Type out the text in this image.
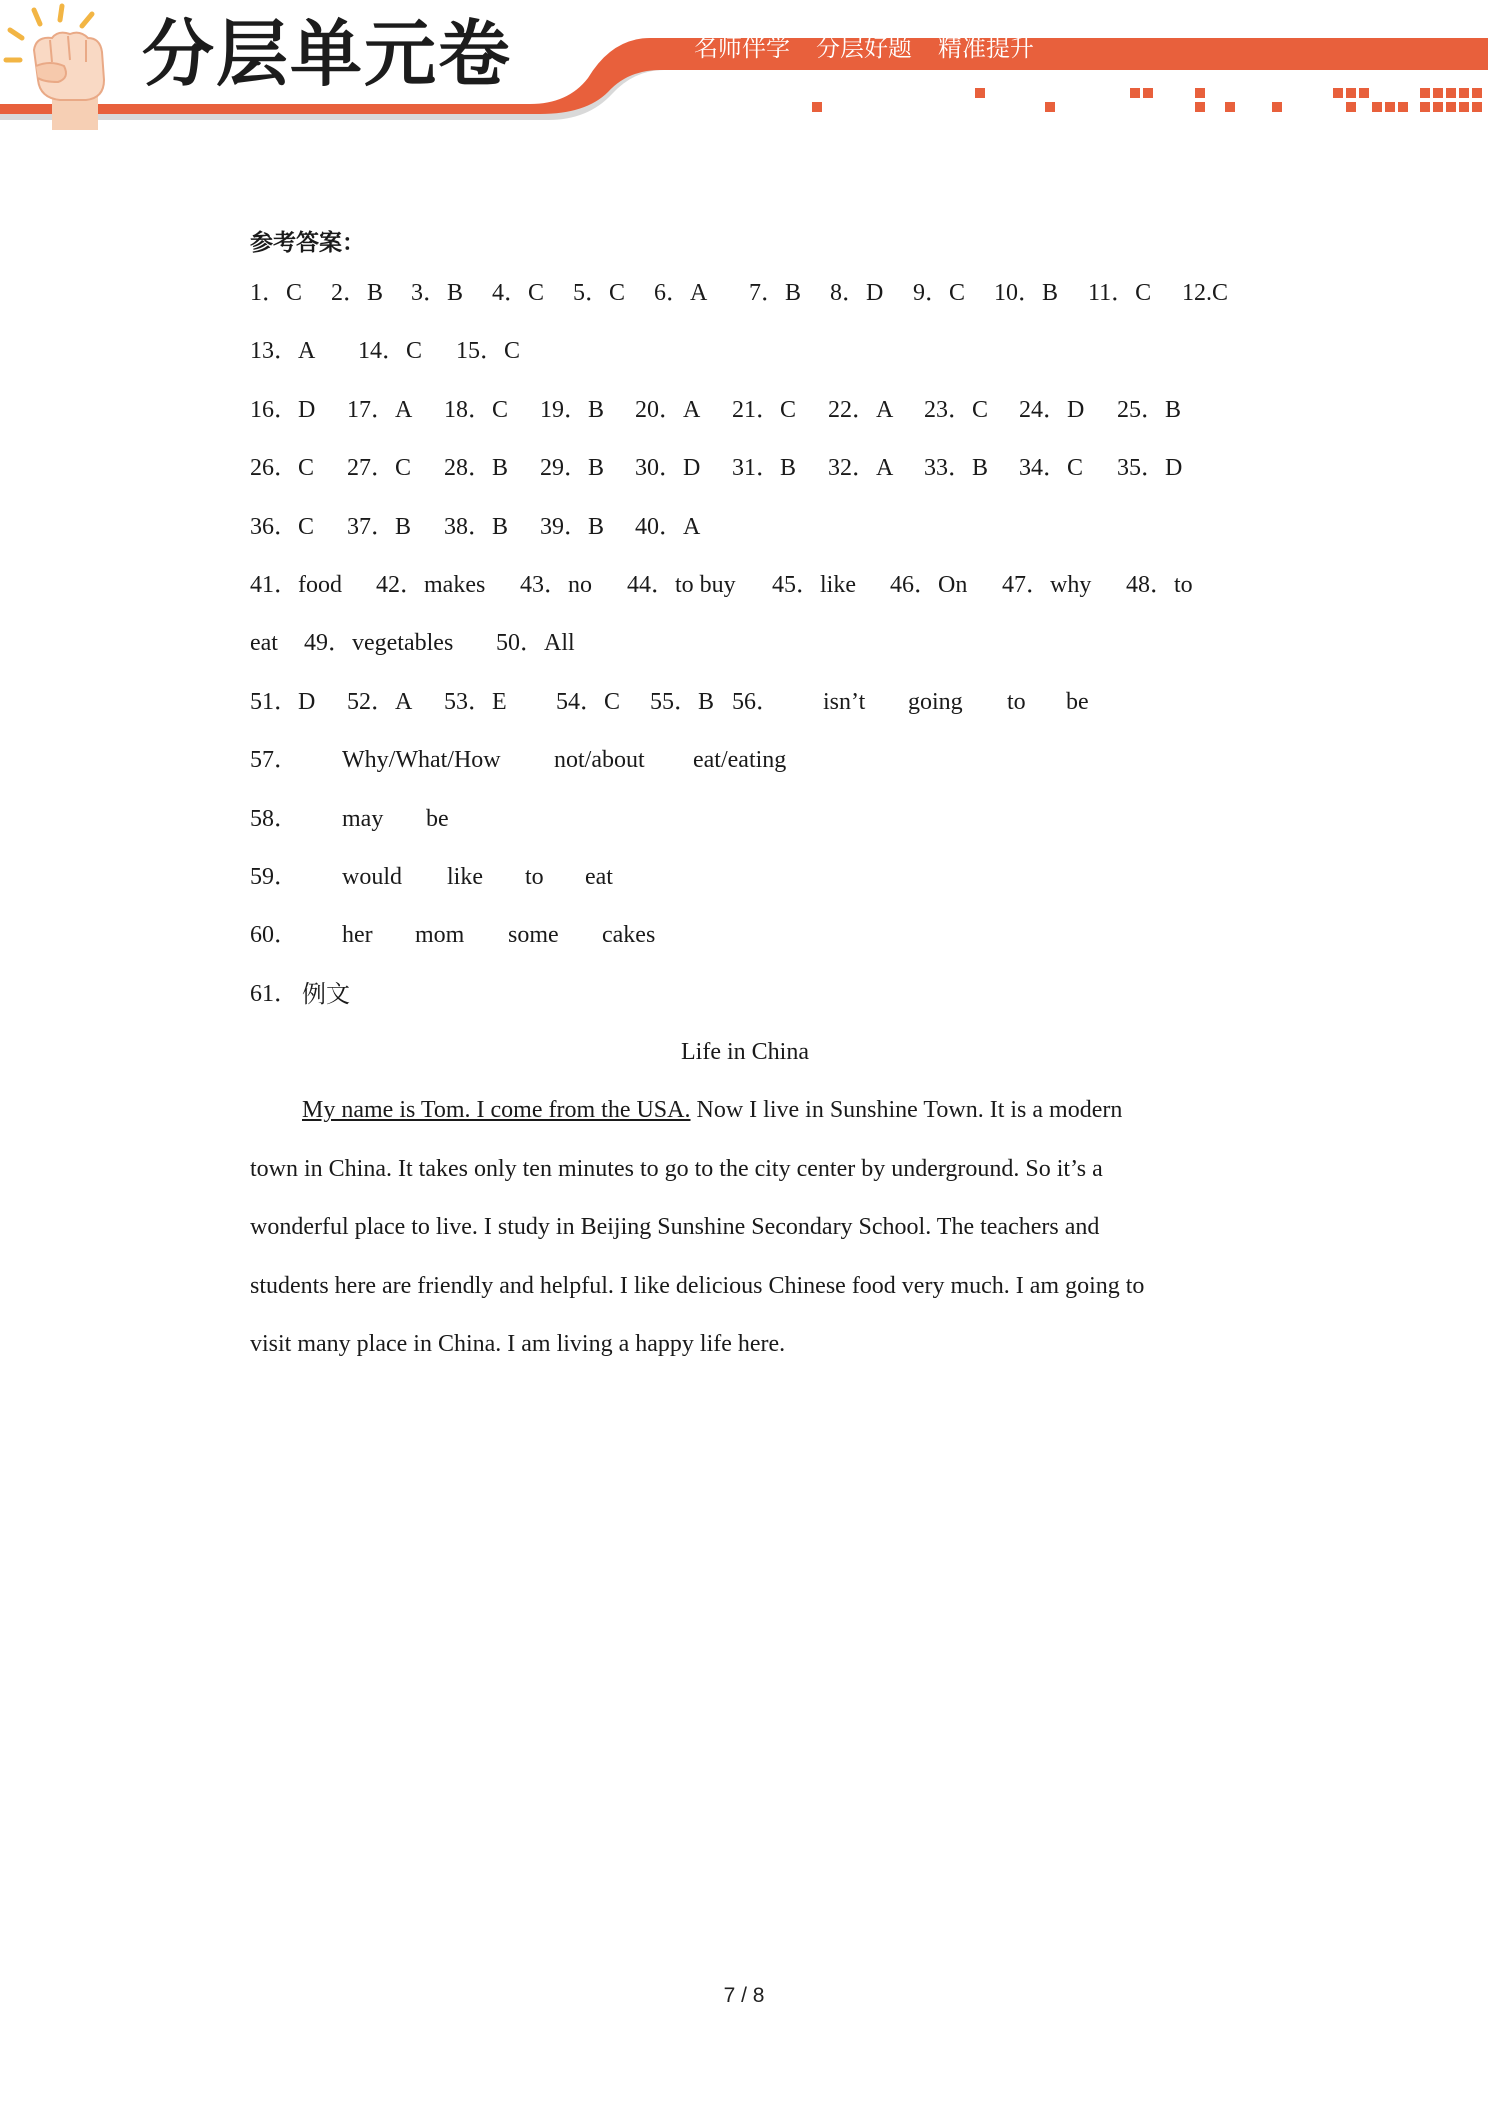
分层单元卷	名师伴学 分层好题 精准提升
参考答案：
1．C 2．B 3．B 4．C 5．C 6．A 7．B 8．D 9．C 10．B 11．C 12.C
13．A 14．C 15．C
16．D 17．A 18．C 19．B 20．A 21．C 22．A 23．C 24．D 25．B
26．C 27．C 28．B 29．B 30．D 31．B 32．A 33．B 34．C 35．D
36．C 37．B 38．B 39．B 40．A
41．food 42．makes 43．no 44．to buy 45．like 46．On 47．why 48．to
eat 49．vegetables 50．All
51．D 52．A 53．E 54．C 55．B 56． isn’t going to be
57． Why/What/How not/about eat/eating
58． may be
59． would like to eat
60． her mom some cakes
61． 例文
Life in China
My name is Tom. I come from the USA. Now I live in Sunshine Town. It is a modern
town in China. It takes only ten minutes to go to the city center by underground. So it’s a
wonderful place to live. I study in Beijing Sunshine Secondary School. The teachers and
students here are friendly and helpful. I like delicious Chinese food very much. I am going to
visit many place in China. I am living a happy life here.
7 / 8
